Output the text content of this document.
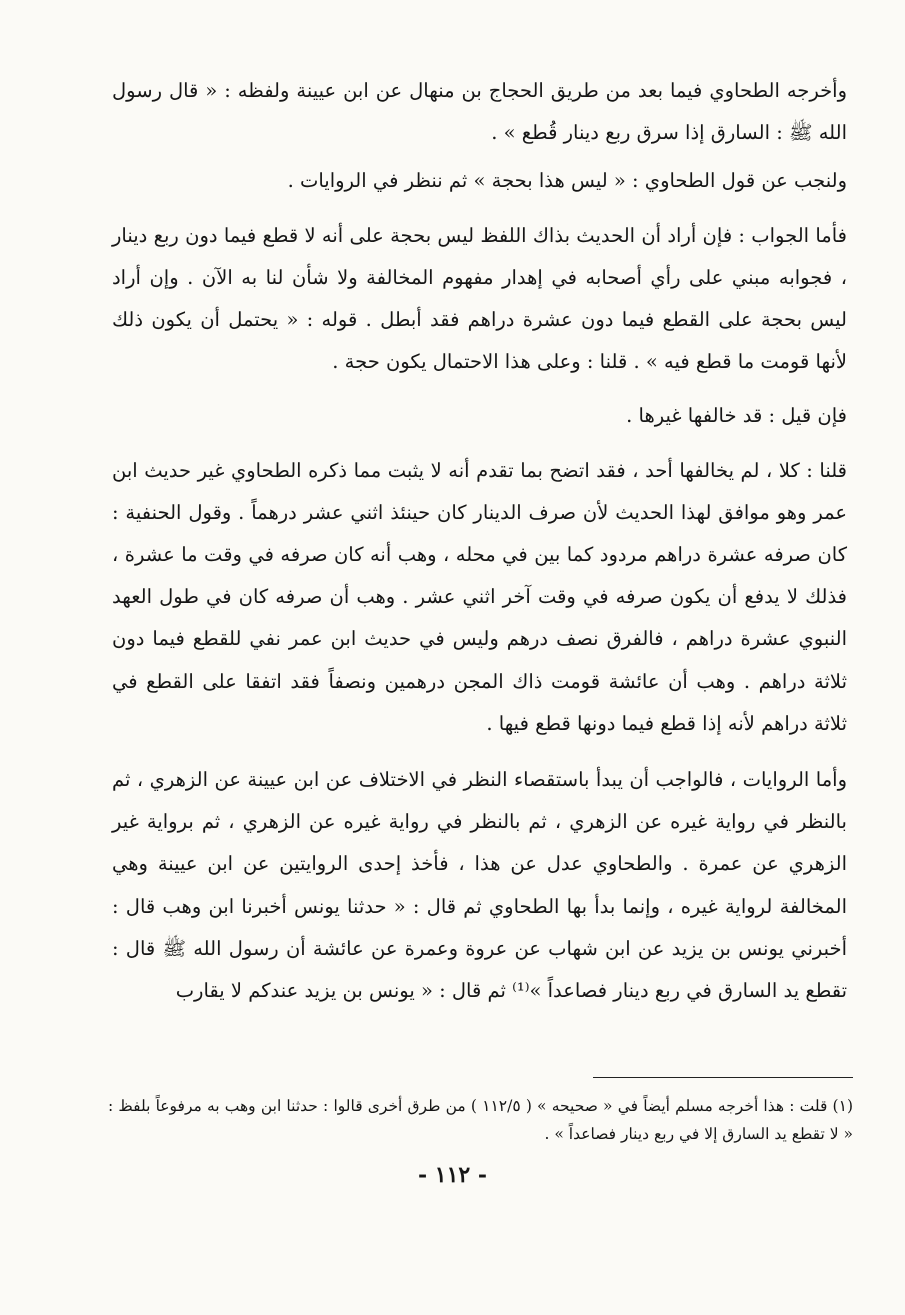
وأخرجه الطحاوي فيما بعد من طريق الحجاج بن منهال عن ابن عيينة ولفظه : « قال رسول الله ﷺ : السارق إذا سرق ربع دينار قُطع » .

ولنجب عن قول الطحاوي : « ليس هذا بحجة » ثم ننظر في الروايات .

فأما الجواب : فإن أراد أن الحديث بذاك اللفظ ليس بحجة على أنه لا قطع فيما دون ربع دينار ، فجوابه مبني على رأي أصحابه في إهدار مفهوم المخالفة ولا شأن لنا به الآن . وإن أراد ليس بحجة على القطع فيما دون عشرة دراهم فقد أبطل . قوله : « يحتمل أن يكون ذلك لأنها قومت ما قطع فيه » . قلنا : وعلى هذا الاحتمال يكون حجة .

فإن قيل : قد خالفها غيرها .

قلنا : كلا ، لم يخالفها أحد ، فقد اتضح بما تقدم أنه لا يثبت مما ذكره الطحاوي غير حديث ابن عمر وهو موافق لهذا الحديث لأن صرف الدينار كان حينئذ اثني عشر درهماً . وقول الحنفية : كان صرفه عشرة دراهم مردود كما بين في محله ، وهب أنه كان صرفه في وقت ما عشرة ، فذلك لا يدفع أن يكون صرفه في وقت آخر اثني عشر . وهب أن صرفه كان في طول العهد النبوي عشرة دراهم ، فالفرق نصف درهم وليس في حديث ابن عمر نفي للقطع فيما دون ثلاثة دراهم . وهب أن عائشة قومت ذاك المجن درهمين ونصفاً فقد اتفقا على القطع في ثلاثة دراهم لأنه إذا قطع فيما دونها قطع فيها .

وأما الروايات ، فالواجب أن يبدأ باستقصاء النظر في الاختلاف عن ابن عيينة عن الزهري ، ثم بالنظر في رواية غيره عن الزهري ، ثم بالنظر في رواية غيره عن الزهري ، ثم برواية غير الزهري عن عمرة . والطحاوي عدل عن هذا ، فأخذ إحدى الروايتين عن ابن عيينة وهي المخالفة لرواية غيره ، وإنما بدأ بها الطحاوي ثم قال : « حدثنا يونس أخبرنا ابن وهب قال : أخبرني يونس بن يزيد عن ابن شهاب عن عروة وعمرة عن عائشة أن رسول الله ﷺ قال : تقطع يد السارق في ربع دينار فصاعداً »⁽¹⁾ ثم قال : « يونس بن يزيد عندكم لا يقارب

(١) قلت : هذا أخرجه مسلم أيضاً في « صحيحه » ( ١١٢/٥ ) من طرق أخرى قالوا : حدثنا ابن وهب به مرفوعاً بلفظ : « لا تقطع يد السارق إلا في ربع دينار فصاعداً » .
- ١١٢ -
